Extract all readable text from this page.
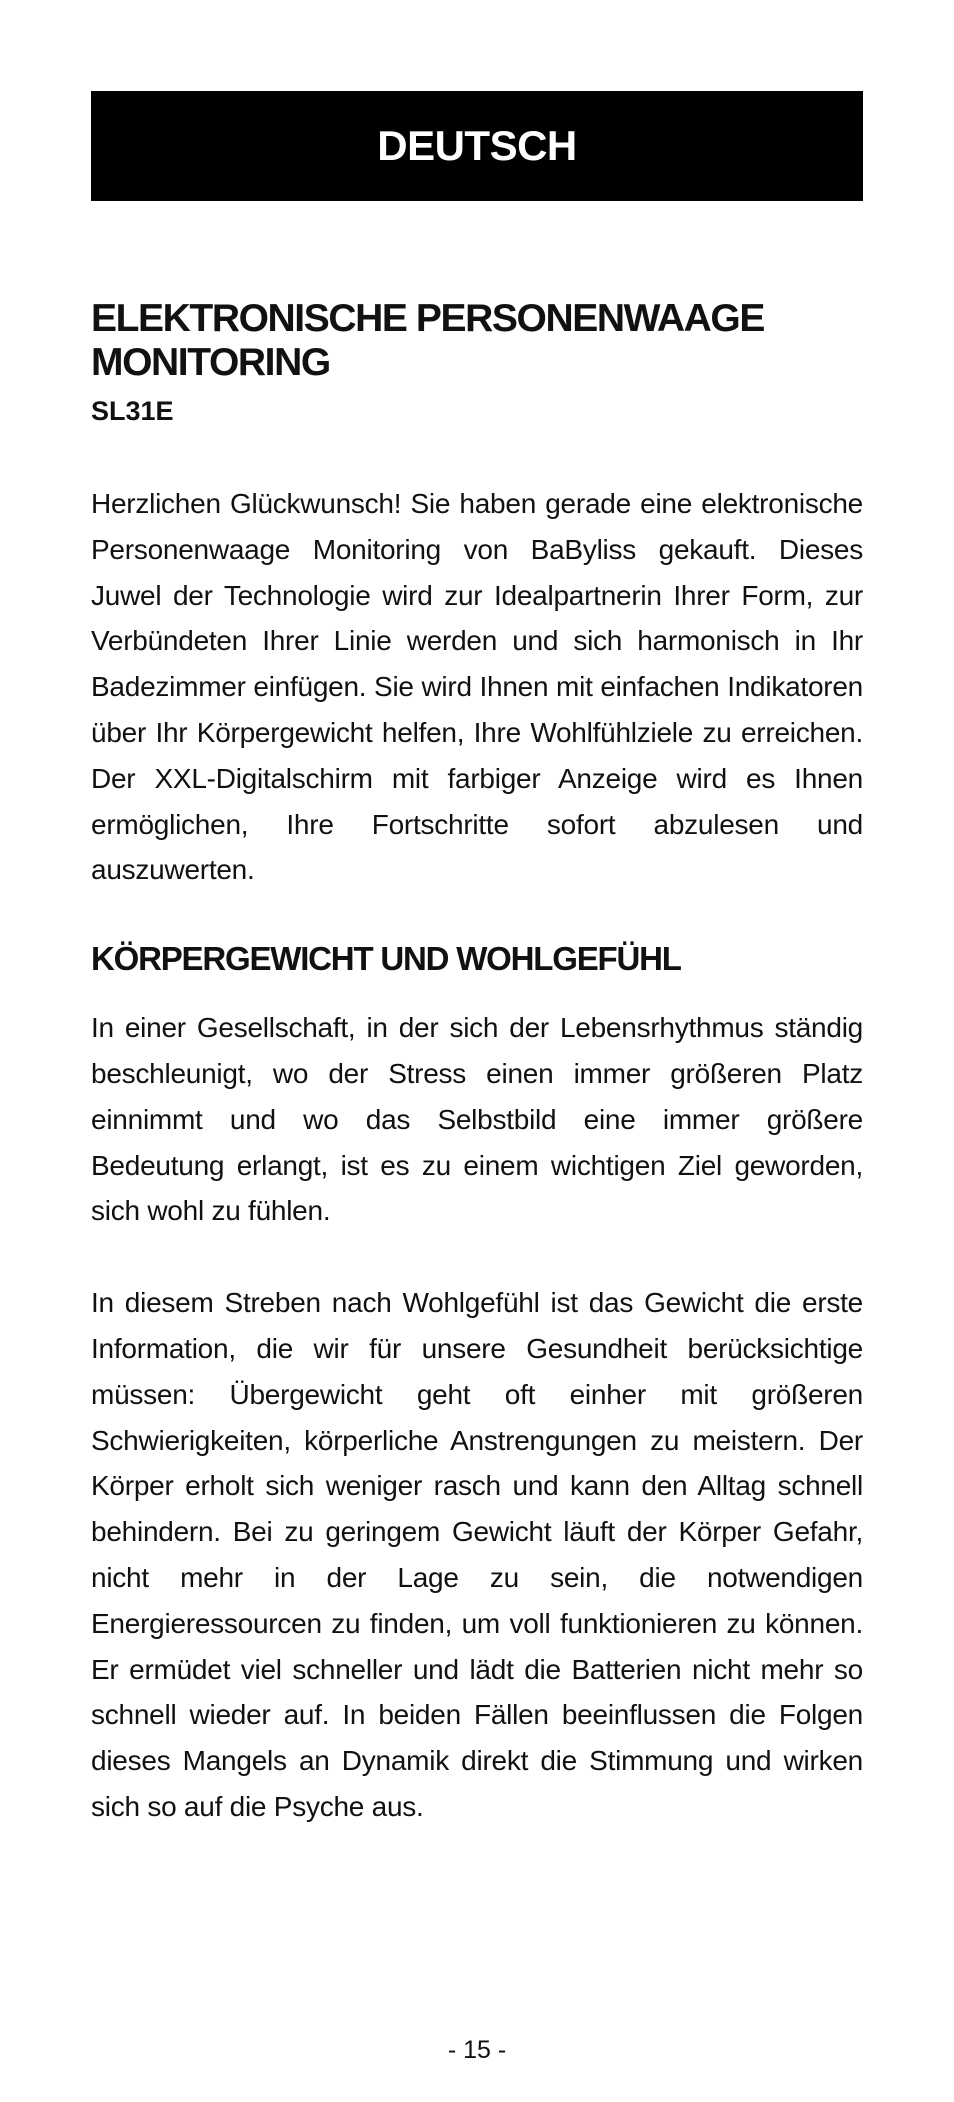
DEUTSCH
ELEKTRONISCHE PERSONENWAAGE MONITORING
SL31E

Herzlichen Glückwunsch! Sie haben gerade eine elektronische Personenwaage Monitoring von BaByliss gekauft. Dieses Juwel der Technologie wird zur Idealpartnerin Ihrer Form, zur Verbündeten Ihrer Linie werden und sich harmonisch in Ihr Badezimmer einfügen. Sie wird Ihnen mit einfachen Indikatoren über Ihr Körpergewicht helfen, Ihre Wohlfühlziele zu erreichen. Der XXL-Digitalschirm mit farbiger Anzeige wird es Ihnen ermöglichen, Ihre Fortschritte sofort abzulesen und auszuwerten.

KÖRPERGEWICHT UND WOHLGEFÜHL

In einer Gesellschaft, in der sich der Lebensrhythmus ständig beschleunigt, wo der Stress einen immer größeren Platz einnimmt und wo das Selbstbild eine immer größere Bedeutung erlangt, ist es zu einem wichtigen Ziel geworden, sich wohl zu fühlen.

In diesem Streben nach Wohlgefühl ist das Gewicht die erste Information, die wir für unsere Gesundheit berücksichtige müssen: Übergewicht geht oft einher mit größeren Schwierigkeiten, körperliche Anstrengungen zu meistern. Der Körper erholt sich weniger rasch und kann den Alltag schnell behindern. Bei zu geringem Gewicht läuft der Körper Gefahr, nicht mehr in der Lage zu sein, die notwendigen Energieressourcen zu finden, um voll funktionieren zu können. Er ermüdet viel schneller und lädt die Batterien nicht mehr so schnell wieder auf. In beiden Fällen beeinflussen die Folgen dieses Mangels an Dynamik direkt die Stimmung und wirken sich so auf die Psyche aus.

- 15 -
